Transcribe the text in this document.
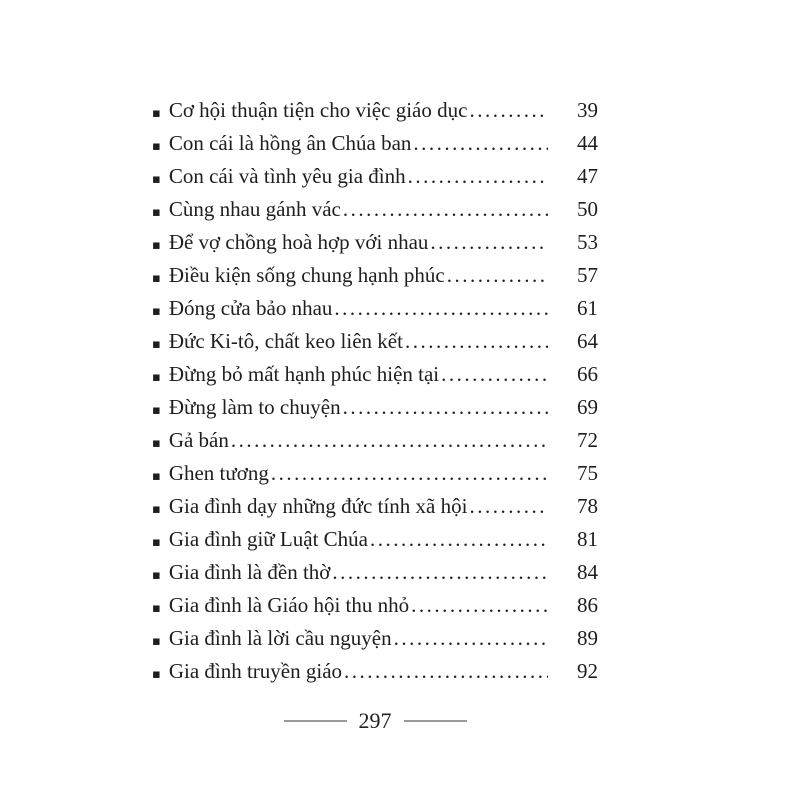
▪ Cơ hội thuận tiện cho việc giáo dục .....	39
▪ Con cái là hồng ân Chúa ban .....	44
▪ Con cái và tình yêu gia đình .....	47
▪ Cùng nhau gánh vác .....	50
▪ Để vợ chồng hoà hợp với nhau .....	53
▪ Điều kiện sống chung hạnh phúc .....	57
▪ Đóng cửa bảo nhau .....	61
▪ Đức Ki-tô, chất keo liên kết .....	64
▪ Đừng bỏ mất hạnh phúc hiện tại .....	66
▪ Đừng làm to chuyện .....	69
▪ Gả bán .....	72
▪ Ghen tương .....	75
▪ Gia đình dạy những đức tính xã hội .....	78
▪ Gia đình giữ Luật Chúa .....	81
▪ Gia đình là đền thờ .....	84
▪ Gia đình là Giáo hội thu nhỏ .....	86
▪ Gia đình là lời cầu nguyện .....	89
▪ Gia đình truyền giáo .....	92
297
